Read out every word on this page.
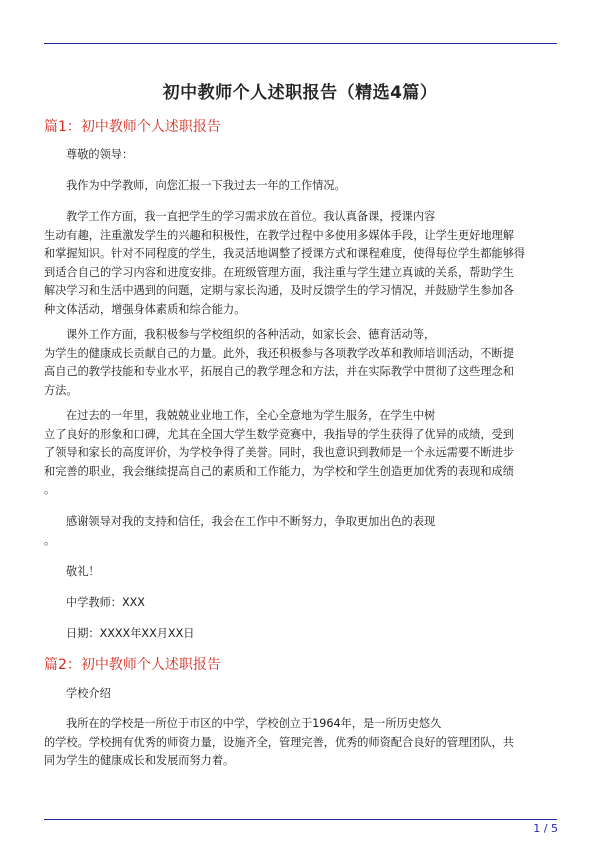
初中教师个人述职报告（精选4篇）
篇1：初中教师个人述职报告

尊敬的领导：

我作为中学教师，向您汇报一下我过去一年的工作情况。

教学工作方面，我一直把学生的学习需求放在首位。我认真备课，授课内容
生动有趣，注重激发学生的兴趣和积极性，在教学过程中多使用多媒体手段，让学生更好地理解
和掌握知识。针对不同程度的学生，我灵活地调整了授课方式和课程难度，使得每位学生都能够得
到适合自己的学习内容和进度安排。在班级管理方面，我注重与学生建立真诚的关系，帮助学生
解决学习和生活中遇到的问题，定期与家长沟通，及时反馈学生的学习情况，并鼓励学生参加各
种文体活动，增强身体素质和综合能力。

课外工作方面，我积极参与学校组织的各种活动，如家长会、德育活动等，
为学生的健康成长贡献自己的力量。此外，我还积极参与各项教学改革和教师培训活动，不断提
高自己的教学技能和专业水平，拓展自己的教学理念和方法，并在实际教学中贯彻了这些理念和
方法。

在过去的一年里，我兢兢业业地工作，全心全意地为学生服务，在学生中树
立了良好的形象和口碑，尤其在全国大学生数学竞赛中，我指导的学生获得了优异的成绩，受到
了领导和家长的高度评价，为学校争得了美誉。同时，我也意识到教师是一个永远需要不断进步
和完善的职业，我会继续提高自己的素质和工作能力，为学校和学生创造更加优秀的表现和成绩
。

感谢领导对我的支持和信任，我会在工作中不断努力，争取更加出色的表现
。

敬礼！

中学教师：XXX

日期：XXXX年XX月XX日

篇2：初中教师个人述职报告

学校介绍

我所在的学校是一所位于市区的中学，学校创立于1964年，是一所历史悠久
的学校。学校拥有优秀的师资力量，设施齐全，管理完善，优秀的师资配合良好的管理团队，共
同为学生的健康成长和发展而努力着。

1 / 5
